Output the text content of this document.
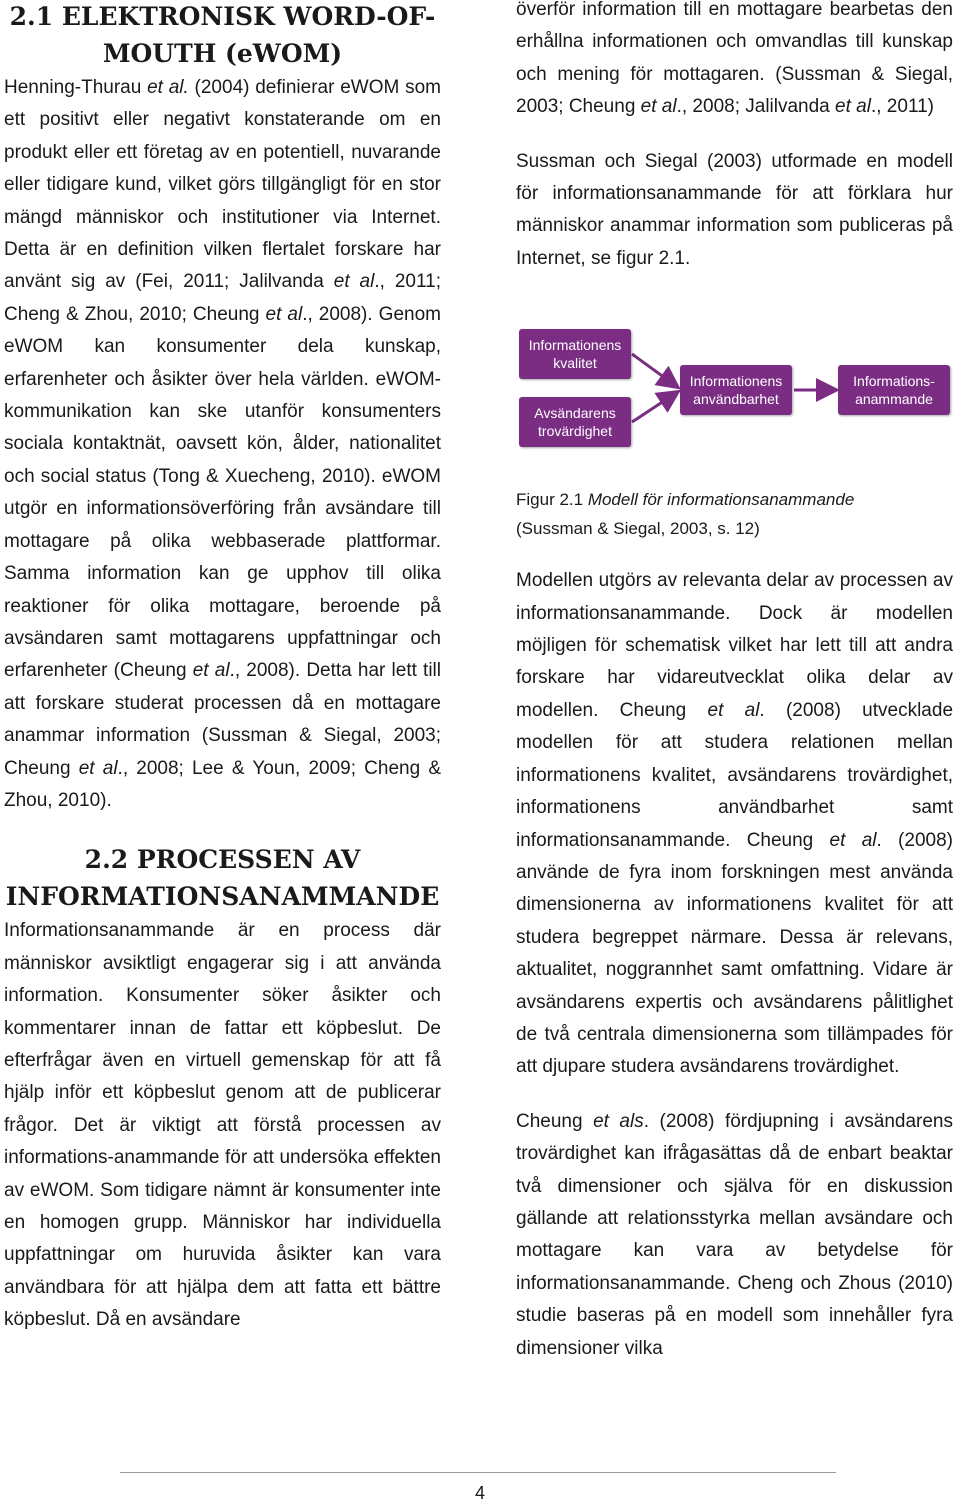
2.1 ELEKTRONISK WORD-OF-
MOUTH (eWOM)

Henning-Thurau et al. (2004) definierar eWOM som ett positivt eller negativt konstaterande om en produkt eller ett företag av en potentiell, nuvarande eller tidigare kund, vilket görs tillgängligt för en stor mängd människor och institutioner via Internet. Detta är en definition vilken flertalet forskare har använt sig av (Fei, 2011; Jalilvanda et al., 2011; Cheng & Zhou, 2010; Cheung et al., 2008). Genom eWOM kan konsumenter dela kunskap, erfarenheter och åsikter över hela världen. eWOM-kommunikation kan ske utanför konsumenters sociala kontaktnät, oavsett kön, ålder, nationalitet och social status (Tong & Xuecheng, 2010). eWOM utgör en informationsöverföring från avsändare till mottagare på olika webbaserade plattformar. Samma information kan ge upphov till olika reaktioner för olika mottagare, beroende på avsändaren samt mottagarens uppfattningar och erfarenheter (Cheung et al., 2008). Detta har lett till att forskare studerat processen då en mottagare anammar information (Sussman & Siegal, 2003; Cheung et al., 2008; Lee & Youn, 2009; Cheng & Zhou, 2010).

2.2 PROCESSEN AV
INFORMATIONSANAMMANDE

Informationsanammande är en process där människor avsiktligt engagerar sig i att använda information. Konsumenter söker åsikter och kommentarer innan de fattar ett köpbeslut. De efterfrågar även en virtuell gemenskap för att få hjälp inför ett köpbeslut genom att de publicerar frågor. Det är viktigt att förstå processen av informations-anammande för att undersöka effekten av eWOM. Som tidigare nämnt är konsumenter inte en homogen grupp. Människor har individuella uppfattningar om huruvida åsikter kan vara användbara för att hjälpa dem att fatta ett bättre köpbeslut. Då en avsändare

överför information till en mottagare bearbetas den erhållna informationen och omvandlas till kunskap och mening för mottagaren. (Sussman & Siegal, 2003; Cheung et al., 2008; Jalilvanda et al., 2011)

Sussman och Siegal (2003) utformade en modell för informationsanammande för att förklara hur människor anammar information som publiceras på Internet, se figur 2.1.

Informationens
kvalitet
Avsändarens
trovärdighet
Informationens
användbarhet
Informations-
anammande

Figur 2.1 Modell för informationsanammande
(Sussman & Siegal, 2003, s. 12)

Modellen utgörs av relevanta delar av processen av informationsanammande. Dock är modellen möjligen för schematisk vilket har lett till att andra forskare har vidareutvecklat olika delar av modellen. Cheung et al. (2008) utvecklade modellen för att studera relationen mellan informationens kvalitet, avsändarens trovärdighet, informationens användbarhet samt informationsanammande. Cheung et al. (2008) använde de fyra inom forskningen mest använda dimensionerna av informationens kvalitet för att studera begreppet närmare. Dessa är relevans, aktualitet, noggrannhet samt omfattning. Vidare är avsändarens expertis och avsändarens pålitlighet de två centrala dimensionerna som tillämpades för att djupare studera avsändarens trovärdighet.

Cheung et als. (2008) fördjupning i avsändarens trovärdighet kan ifrågasättas då de enbart beaktar två dimensioner och själva för en diskussion gällande att relationsstyrka mellan avsändare och mottagare kan vara av betydelse för informationsanammande. Cheng och Zhous (2010) studie baseras på en modell som innehåller fyra dimensioner vilka

4
